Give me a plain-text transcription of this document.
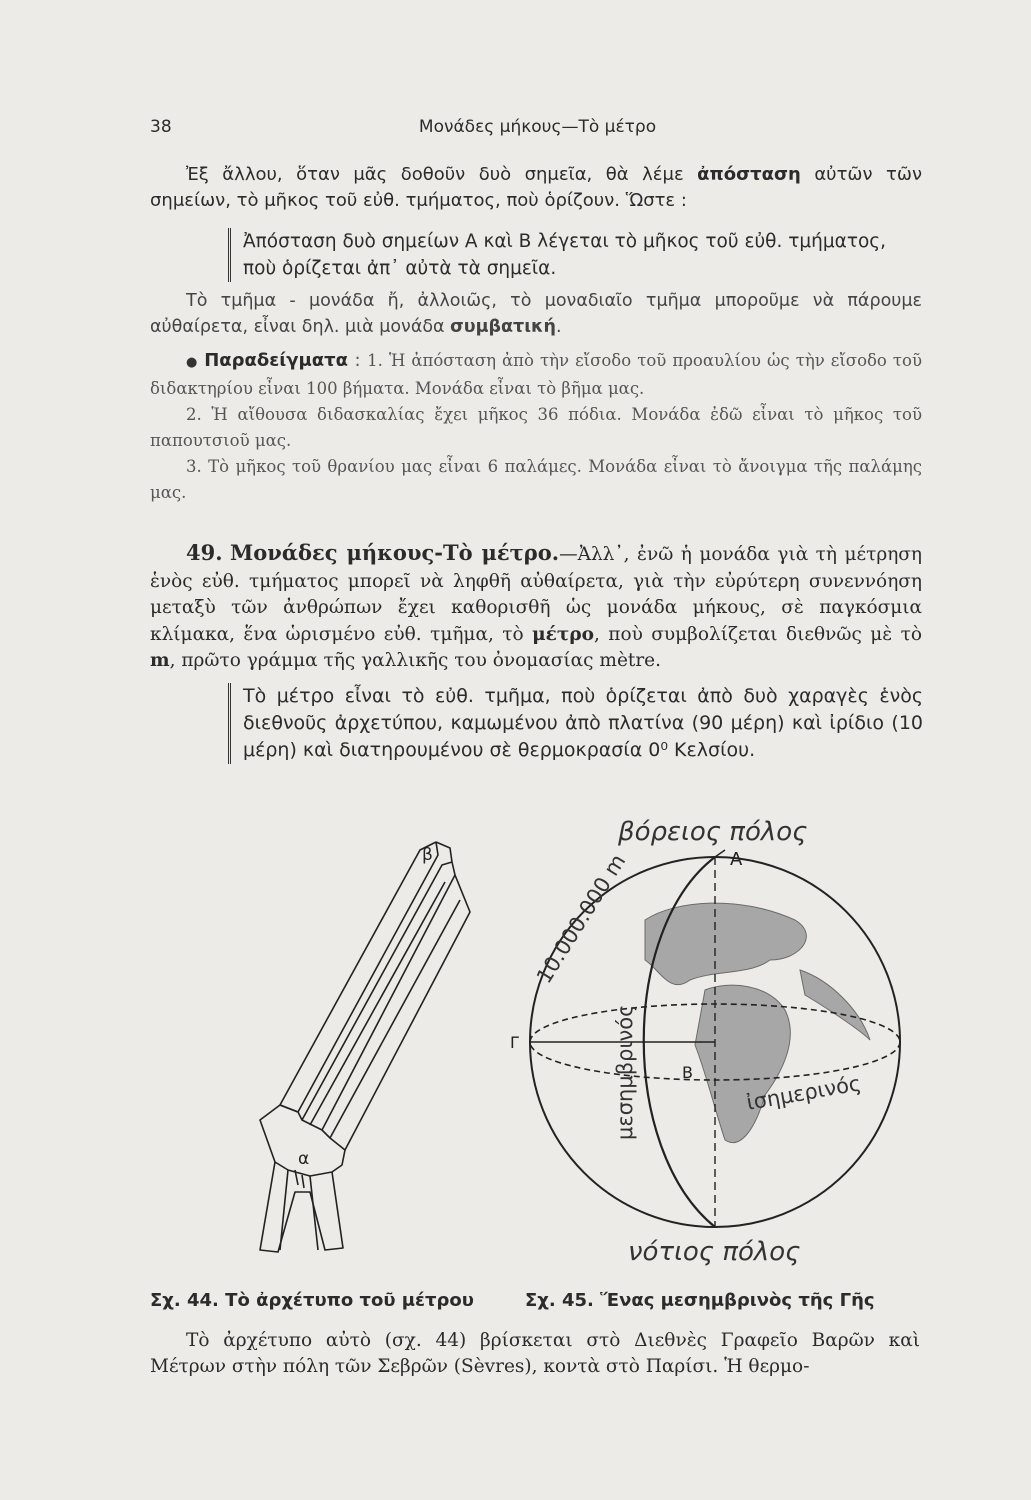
38	Μονάδες μήκους—Τὸ μέτρο

Ἐξ ἄλλου, ὅταν μᾶς δοθοῦν δυὸ σημεῖα, θὰ λέμε ἀπόσταση αὐτῶν τῶν σημείων, τὸ μῆκος τοῦ εὐθ. τμήματος, ποὺ ὁρίζουν. Ὥστε :

Ἀπόσταση δυὸ σημείων Α καὶ Β λέγεται τὸ μῆκος τοῦ εὐθ. τμήματος, ποὺ ὁρίζεται ἀπ᾿ αὐτὰ τὰ σημεῖα.

Τὸ τμῆμα - μονάδα ἤ, ἀλλοιῶς, τὸ μοναδιαῖο τμῆμα μποροῦμε νὰ πάρουμε αὐθαίρετα, εἶναι δηλ. μιὰ μονάδα συμβατική.

● Παραδείγματα : 1. Ἡ ἀπόσταση ἀπὸ τὴν εἴσοδο τοῦ προαυλίου ὡς τὴν εἴσοδο τοῦ διδακτηρίου εἶναι 100 βήματα. Μονάδα εἶναι τὸ βῆμα μας.

2. Ἡ αἴθουσα διδασκαλίας ἔχει μῆκος 36 πόδια. Μονάδα ἐδῶ εἶναι τὸ μῆκος τοῦ παπουτσιοῦ μας.

3. Τὸ μῆκος τοῦ θρανίου μας εἶναι 6 παλάμες. Μονάδα εἶναι τὸ ἄνοιγμα τῆς παλάμης μας.

49. Μονάδες μήκους-Τὸ μέτρο.—Ἀλλ᾿, ἐνῶ ἡ μονάδα γιὰ τὴ μέτρηση ἑνὸς εὐθ. τμήματος μπορεῖ νὰ ληφθῆ αὐθαίρετα, γιὰ τὴν εὐρύτερη συνεννόηση μεταξὺ τῶν ἀνθρώπων ἔχει καθορισθῆ ὡς μονάδα μήκους, σὲ παγκόσμια κλίμακα, ἕνα ὡρισμένο εὐθ. τμῆμα, τὸ μέτρο, ποὺ συμβολίζεται διεθνῶς μὲ τὸ m, πρῶτο γράμμα τῆς γαλλικῆς του ὀνομασίας mètre.

Τὸ μέτρο εἶναι τὸ εὐθ. τμῆμα, ποὺ ὁρίζεται ἀπὸ δυὸ χαραγὲς ἑνὸς διεθνοῦς ἀρχετύπου, καμωμένου ἀπὸ πλατίνα (90 μέρη) καὶ ἰρίδιο (10 μέρη) καὶ διατηρουμένου σὲ θερμοκρασία 0⁰ Κελσίου.

β
α
βόρειος πόλος
νότιος πόλος
Α
Β
Γ
10.000.000 m
μεσημβρινός	ἰσημερινός
Σχ. 44. Τὸ ἀρχέτυπο τοῦ μέτρου	Σχ. 45. Ἕνας μεσημβρινὸς τῆς Γῆς

Τὸ ἀρχέτυπο αὐτὸ (σχ. 44) βρίσκεται στὸ Διεθνὲς Γραφεῖο Βαρῶν καὶ Μέτρων στὴν πόλη τῶν Σεβρῶν (Sèvres), κοντὰ στὸ Παρίσι. Ἡ θερμο-
